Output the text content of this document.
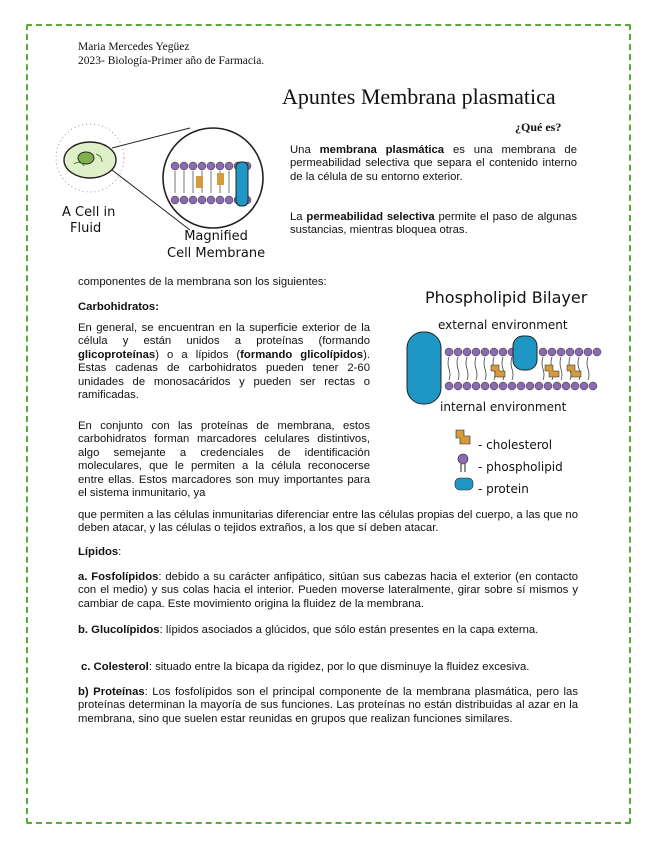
Maria Mercedes Yegüez
2023- Biología-Primer año de Farmacia.
Apuntes Membrana plasmatica
¿Qué es?
A Cell in
Fluid
Magnified
Cell Membrane
Una membrana plasmática es una membrana de permeabilidad selectiva que separa el contenido interno de la célula de su entorno exterior.
La permeabilidad selectiva permite el paso de algunas sustancias, mientras bloquea otras.
componentes de la membrana son los siguientes:
Carbohidratos:
En general, se encuentran en la superficie exterior de la célula y están unidos a proteínas (formando glicoproteínas) o a lípidos (formando glicolípidos). Estas cadenas de carbohidratos pueden tener 2-60 unidades de monosacáridos y pueden ser rectas o ramificadas.
En conjunto con las proteínas de membrana, estos carbohidratos forman marcadores celulares distintivos, algo semejante a credenciales de identificación moleculares, que le permiten a la célula reconocerse entre ellas. Estos marcadores son muy importantes para el sistema inmunitario, ya
que permiten a las células inmunitarias diferenciar entre las células propias del cuerpo, a las que no deben atacar, y las células o tejidos extraños, a los que sí deben atacar.
Phospholipid Bilayer
external environment
internal environment
- cholesterol
- phospholipid
- protein
Lípidos:
a. Fosfolípidos: debido a su carácter anfipático, sitúan sus cabezas hacia el exterior (en contacto con el medio) y sus colas hacia el interior. Pueden moverse lateralmente, girar sobre sí mismos y cambiar de capa. Este movimiento origina la fluidez de la membrana.
b. Glucolípidos: lípidos asociados a glúcidos, que sólo están presentes en la capa externa.
c. Colesterol: situado entre la bicapa da rigidez, por lo que disminuye la fluidez excesiva.
b) Proteínas: Los fosfolípidos son el principal componente de la membrana plasmática, pero las proteínas determinan la mayoría de sus funciones. Las proteínas no están distribuidas al azar en la membrana, sino que suelen estar reunidas en grupos que realizan funciones similares.
